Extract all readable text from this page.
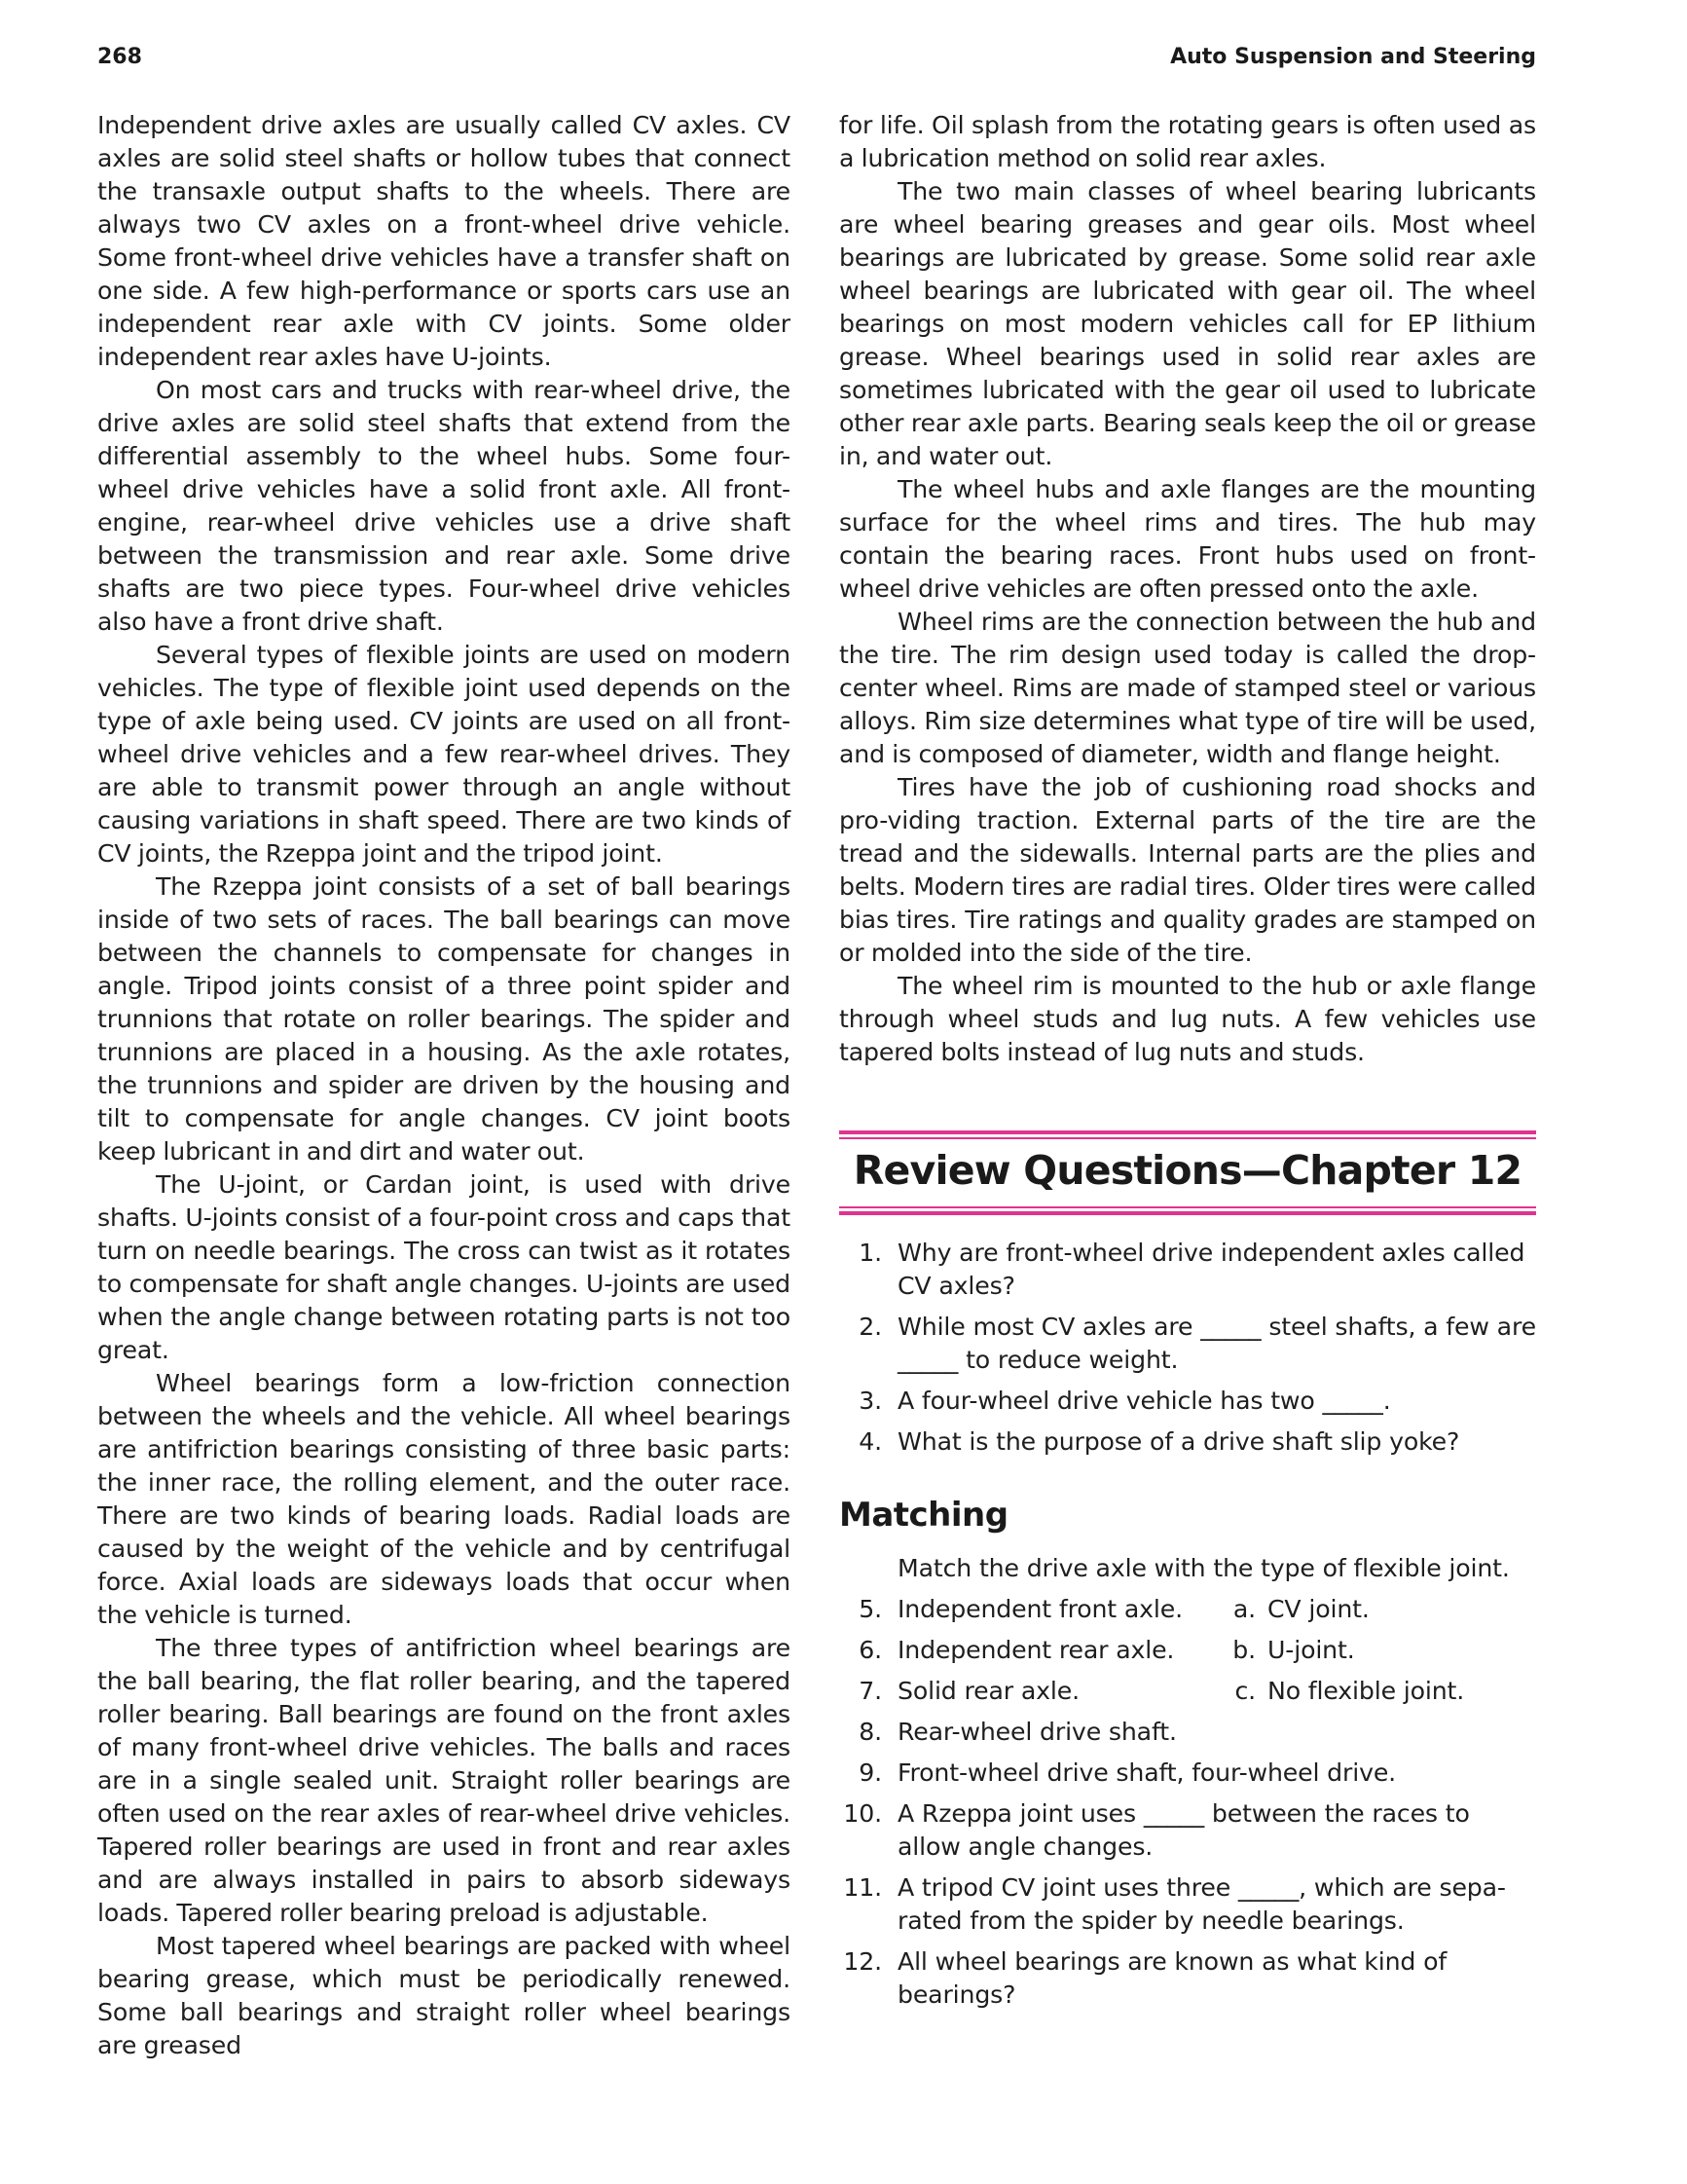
268	Auto Suspension and Steering

Independent drive axles are usually called CV axles. CV axles are solid steel shafts or hollow tubes that connect the transaxle output shafts to the wheels. There are always two CV axles on a front-wheel drive vehicle. Some front-wheel drive vehicles have a transfer shaft on one side. A few high-performance or sports cars use an independent rear axle with CV joints. Some older independent rear axles have U-joints.

On most cars and trucks with rear-wheel drive, the drive axles are solid steel shafts that extend from the differential assembly to the wheel hubs. Some four-wheel drive vehicles have a solid front axle. All front-engine, rear-wheel drive vehicles use a drive shaft between the transmission and rear axle. Some drive shafts are two piece types. Four-wheel drive vehicles also have a front drive shaft.

Several types of flexible joints are used on modern vehicles. The type of flexible joint used depends on the type of axle being used. CV joints are used on all front-wheel drive vehicles and a few rear-wheel drives. They are able to transmit power through an angle without causing variations in shaft speed. There are two kinds of CV joints, the Rzeppa joint and the tripod joint.

The Rzeppa joint consists of a set of ball bearings inside of two sets of races. The ball bearings can move between the channels to compensate for changes in angle. Tripod joints consist of a three point spider and trunnions that rotate on roller bearings. The spider and trunnions are placed in a housing. As the axle rotates, the trunnions and spider are driven by the housing and tilt to compensate for angle changes. CV joint boots keep lubricant in and dirt and water out.

The U-joint, or Cardan joint, is used with drive shafts. U-joints consist of a four-point cross and caps that turn on needle bearings. The cross can twist as it rotates to compensate for shaft angle changes. U-joints are used when the angle change between rotating parts is not too great.

Wheel bearings form a low-friction connection between the wheels and the vehicle. All wheel bearings are antifriction bearings consisting of three basic parts: the inner race, the rolling element, and the outer race. There are two kinds of bearing loads. Radial loads are caused by the weight of the vehicle and by centrifugal force. Axial loads are sideways loads that occur when the vehicle is turned.

The three types of antifriction wheel bearings are the ball bearing, the flat roller bearing, and the tapered roller bearing. Ball bearings are found on the front axles of many front-wheel drive vehicles. The balls and races are in a single sealed unit. Straight roller bearings are often used on the rear axles of rear-wheel drive vehicles. Tapered roller bearings are used in front and rear axles and are always installed in pairs to absorb sideways loads. Tapered roller bearing preload is adjustable.

Most tapered wheel bearings are packed with wheel bearing grease, which must be periodically renewed. Some ball bearings and straight roller wheel bearings are greased

for life. Oil splash from the rotating gears is often used as a lubrication method on solid rear axles.

The two main classes of wheel bearing lubricants are wheel bearing greases and gear oils. Most wheel bearings are lubricated by grease. Some solid rear axle wheel bearings are lubricated with gear oil. The wheel bearings on most modern vehicles call for EP lithium grease. Wheel bearings used in solid rear axles are sometimes lubricated with the gear oil used to lubricate other rear axle parts. Bearing seals keep the oil or grease in, and water out.

The wheel hubs and axle flanges are the mounting surface for the wheel rims and tires. The hub may contain the bearing races. Front hubs used on front-wheel drive vehicles are often pressed onto the axle.

Wheel rims are the connection between the hub and the tire. The rim design used today is called the drop-center wheel. Rims are made of stamped steel or various alloys. Rim size determines what type of tire will be used, and is composed of diameter, width and flange height.

Tires have the job of cushioning road shocks and pro-viding traction. External parts of the tire are the tread and the sidewalls. Internal parts are the plies and belts. Modern tires are radial tires. Older tires were called bias tires. Tire ratings and quality grades are stamped on or molded into the side of the tire.

The wheel rim is mounted to the hub or axle flange through wheel studs and lug nuts. A few vehicles use tapered bolts instead of lug nuts and studs.

Review Questions—Chapter 12
1. Why are front-wheel drive independent axles called CV axles?
2. While most CV axles are _____ steel shafts, a few are _____ to reduce weight.
3. A four-wheel drive vehicle has two _____.
4. What is the purpose of a drive shaft slip yoke?
Matching
Match the drive axle with the type of flexible joint.
5. Independent front axle. a. CV joint.
6. Independent rear axle. b. U-joint.
7. Solid rear axle.	c. No flexible joint.
8. Rear-wheel drive shaft.
9. Front-wheel drive shaft, four-wheel drive.
10. A Rzeppa joint uses _____ between the races to allow angle changes.
11. A tripod CV joint uses three _____, which are sepa-rated from the spider by needle bearings.
12. All wheel bearings are known as what kind of bearings?
